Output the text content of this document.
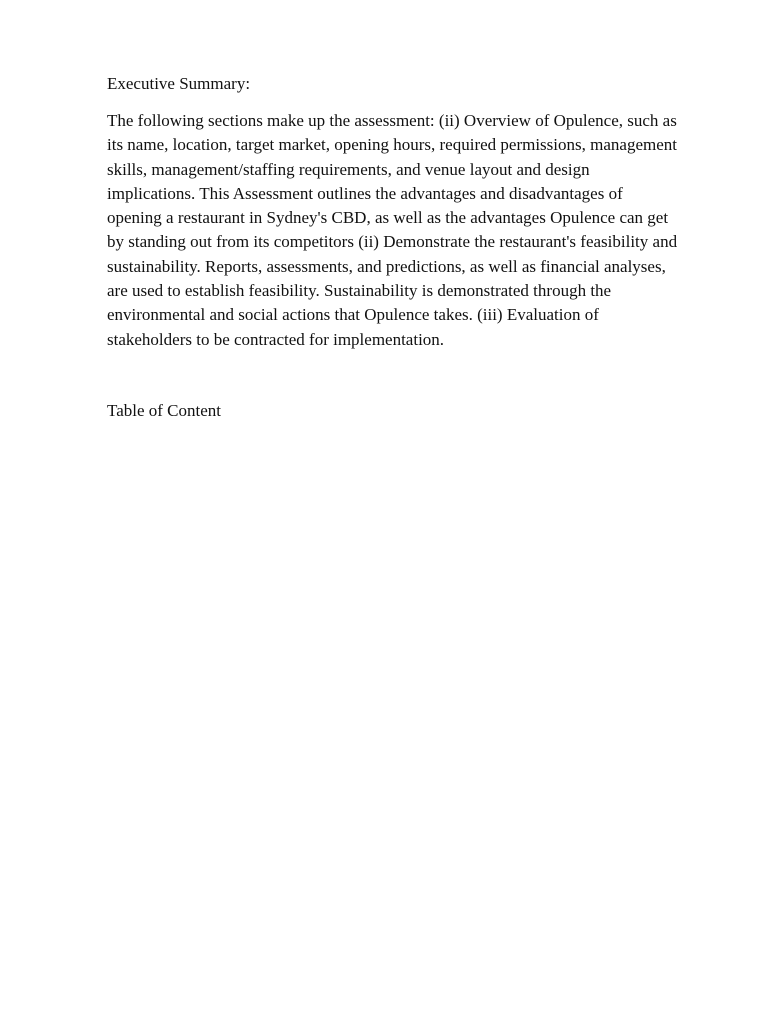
Executive Summary:

The following sections make up the assessment: (ii) Overview of Opulence, such as
its name, location, target market, opening hours, required permissions, management
skills, management/staffing requirements, and venue layout and design
implications. This Assessment outlines the advantages and disadvantages of
opening a restaurant in Sydney's CBD, as well as the advantages Opulence can get
by standing out from its competitors (ii) Demonstrate the restaurant's feasibility and
sustainability. Reports, assessments, and predictions, as well as financial analyses,
are used to establish feasibility. Sustainability is demonstrated through the
environmental and social actions that Opulence takes. (iii) Evaluation of
stakeholders to be contracted for implementation.

Table of Content
